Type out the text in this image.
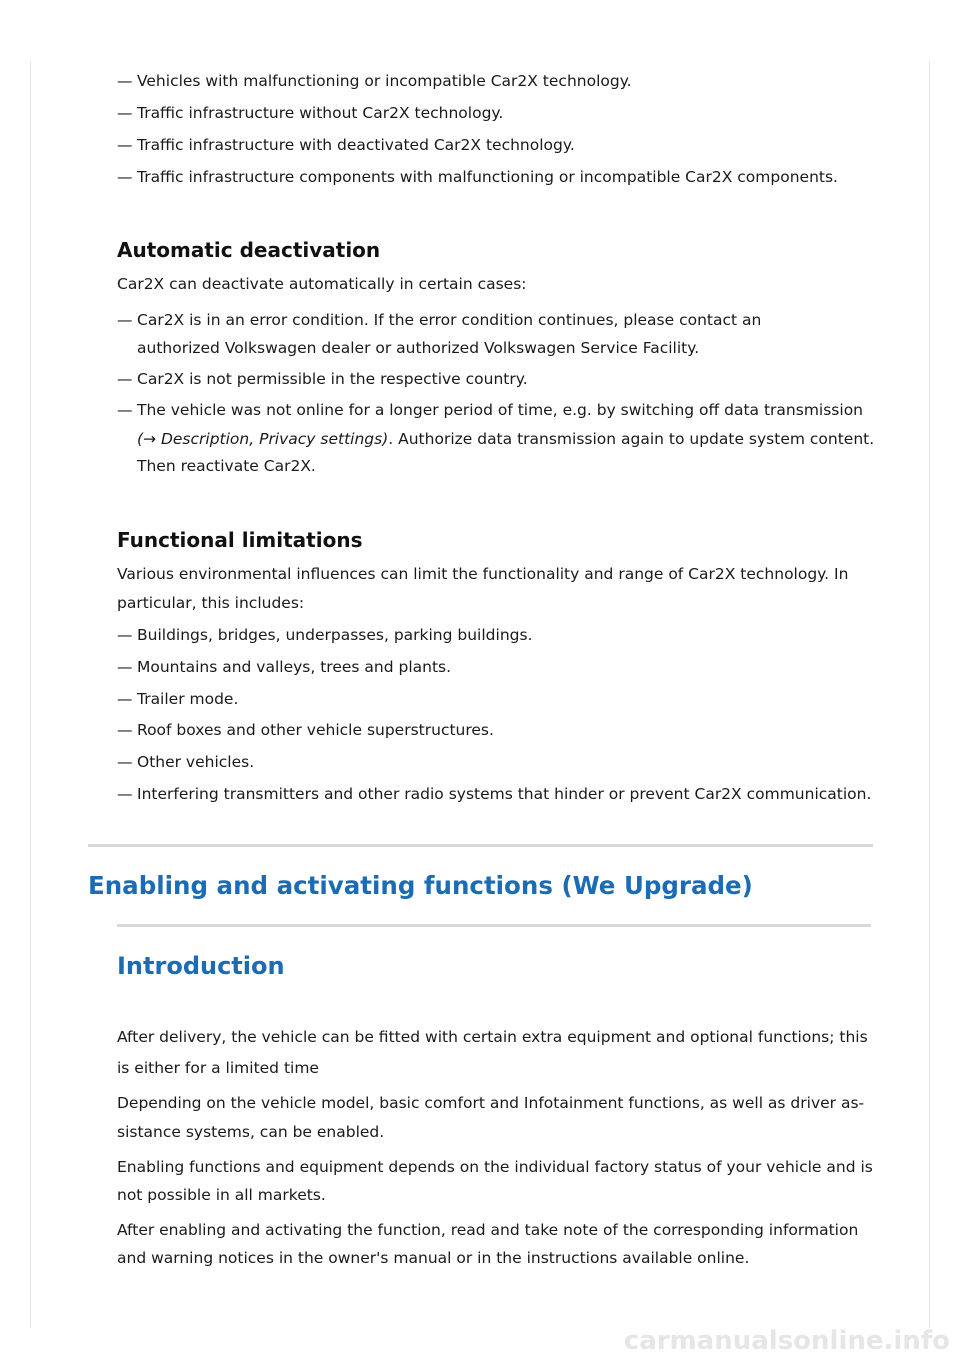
— Vehicles with malfunctioning or incompatible Car2X technology.
— Traffic infrastructure without Car2X technology.
— Traffic infrastructure with deactivated Car2X technology.
— Traffic infrastructure components with malfunctioning or incompatible Car2X components.
Automatic deactivation
Car2X can deactivate automatically in certain cases:
— Car2X is in an error condition. If the error condition continues, please contact an
authorized Volkswagen dealer or authorized Volkswagen Service Facility.
— Car2X is not permissible in the respective country.
— The vehicle was not online for a longer period of time, e.g. by switching off data transmission
(→ Description, Privacy settings). Authorize data transmission again to update system content.
Then reactivate Car2X.
Functional limitations
Various environmental influences can limit the functionality and range of Car2X technology. In
particular, this includes:
— Buildings, bridges, underpasses, parking buildings.
— Mountains and valleys, trees and plants.
— Trailer mode.
— Roof boxes and other vehicle superstructures.
— Other vehicles.
— Interfering transmitters and other radio systems that hinder or prevent Car2X communication.
Enabling and activating functions (We Upgrade)
Introduction
After delivery, the vehicle can be fitted with certain extra equipment and optional functions; this
is either for a limited time
Depending on the vehicle model, basic comfort and Infotainment functions, as well as driver as-
sistance systems, can be enabled.
Enabling functions and equipment depends on the individual factory status of your vehicle and is
not possible in all markets.
After enabling and activating the function, read and take note of the corresponding information
and warning notices in the owner's manual or in the instructions available online.
carmanualsonline.info
